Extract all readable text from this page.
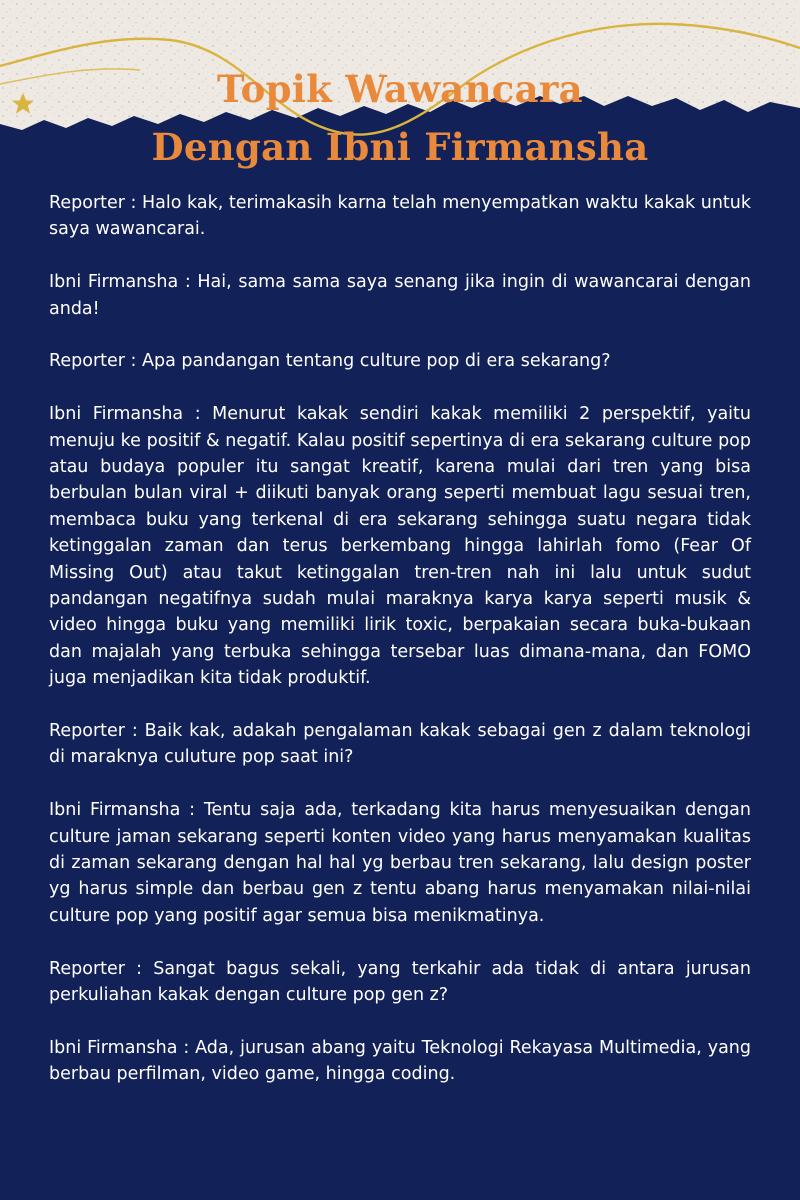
Topik Wawancara

Dengan Ibni Firmansha

Reporter : Halo kak, terimakasih karna telah menyempatkan waktu kakak untuk saya wawancarai.

Ibni Firmansha : Hai, sama sama saya senang jika ingin di wawancarai dengan anda!

Reporter : Apa pandangan tentang culture pop di era sekarang?

Ibni Firmansha : Menurut kakak sendiri kakak memiliki 2 perspektif, yaitu menuju ke positif & negatif. Kalau positif sepertinya di era sekarang culture pop atau budaya populer itu sangat kreatif, karena mulai dari tren yang bisa berbulan bulan viral + diikuti banyak orang seperti membuat lagu sesuai tren, membaca buku yang terkenal di era sekarang sehingga suatu negara tidak ketinggalan zaman dan terus berkembang hingga lahirlah fomo (Fear Of Missing Out) atau takut ketinggalan tren-tren nah ini lalu untuk sudut pandangan negatifnya sudah mulai maraknya karya karya seperti musik & video hingga buku yang memiliki lirik toxic, berpakaian secara buka-bukaan dan majalah yang terbuka sehingga tersebar luas dimana-mana, dan FOMO juga menjadikan kita tidak produktif.

Reporter : Baik kak, adakah pengalaman kakak sebagai gen z dalam teknologi di maraknya culuture pop saat ini?

Ibni Firmansha : Tentu saja ada, terkadang kita harus menyesuaikan dengan culture jaman sekarang seperti konten video yang harus menyamakan kualitas di zaman sekarang dengan hal hal yg berbau tren sekarang, lalu design poster yg harus simple dan berbau gen z tentu abang harus menyamakan nilai-nilai culture pop yang positif agar semua bisa menikmatinya.

Reporter : Sangat bagus sekali, yang terkahir ada tidak di antara jurusan perkuliahan kakak dengan culture pop gen z?

Ibni Firmansha : Ada, jurusan abang yaitu Teknologi Rekayasa Multimedia, yang berbau perfilman, video game, hingga coding.
